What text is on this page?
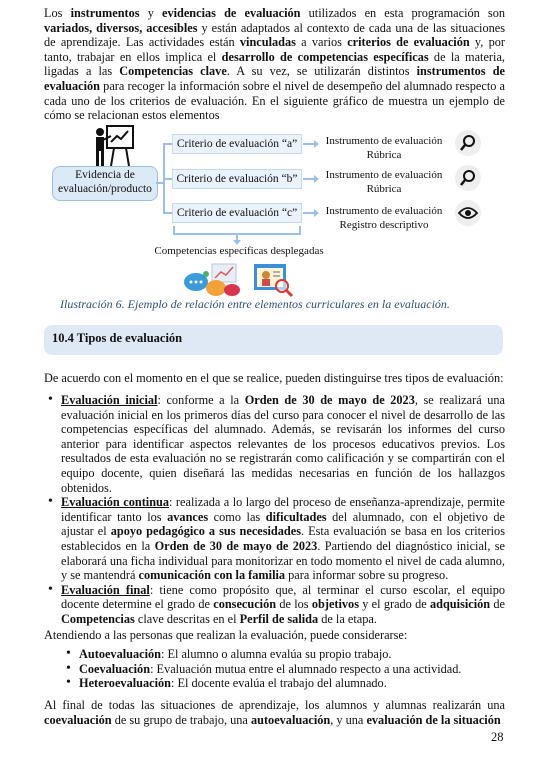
Los instrumentos y evidencias de evaluación utilizados en esta programación son variados, diversos, accesibles y están adaptados al contexto de cada una de las situaciones de aprendizaje. Las actividades están vinculadas a varios criterios de evaluación y, por tanto, trabajar en ellos implica el desarrollo de competencias específicas de la materia, ligadas a las Competencias clave. A su vez, se utilizarán distintos instrumentos de evaluación para recoger la información sobre el nivel de desempeño del alumnado respecto a cada uno de los criterios de evaluación. En el siguiente gráfico de muestra un ejemplo de cómo se relacionan estos elementos
Evidencia de evaluación/producto
Criterio de evaluación “a”
Criterio de evaluación “b”
Criterio de evaluación “c”
Instrumento de evaluación
Rúbrica
Instrumento de evaluación
Rúbrica
Instrumento de evaluación
Registro descriptivo
Competencias específicas desplegadas
Ilustración 6. Ejemplo de relación entre elementos curriculares en la evaluación.
10.4 Tipos de evaluación
De acuerdo con el momento en el que se realice, pueden distinguirse tres tipos de evaluación:
• Evaluación inicial: conforme a la Orden de 30 de mayo de 2023, se realizará una evaluación inicial en los primeros días del curso para conocer el nivel de desarrollo de las competencias específicas del alumnado. Además, se revisarán los informes del curso anterior para identificar aspectos relevantes de los procesos educativos previos. Los resultados de esta evaluación no se registrarán como calificación y se compartirán con el equipo docente, quien diseñará las medidas necesarias en función de los hallazgos obtenidos.
• Evaluación continua: realizada a lo largo del proceso de enseñanza-aprendizaje, permite identificar tanto los avances como las dificultades del alumnado, con el objetivo de ajustar el apoyo pedagógico a sus necesidades. Esta evaluación se basa en los criterios establecidos en la Orden de 30 de mayo de 2023. Partiendo del diagnóstico inicial, se elaborará una ficha individual para monitorizar en todo momento el nivel de cada alumno, y se mantendrá comunicación con la familia para informar sobre su progreso.
• Evaluación final: tiene como propósito que, al terminar el curso escolar, el equipo docente determine el grado de consecución de los objetivos y el grado de adquisición de Competencias clave descritas en el Perfil de salida de la etapa.
Atendiendo a las personas que realizan la evaluación, puede considerarse:
• Autoevaluación: El alumno o alumna evalúa su propio trabajo.
• Coevaluación: Evaluación mutua entre el alumnado respecto a una actividad.
• Heteroevaluación: El docente evalúa el trabajo del alumnado.
Al final de todas las situaciones de aprendizaje, los alumnos y alumnas realizarán una coevaluación de su grupo de trabajo, una autoevaluación, y una evaluación de la situación
28
